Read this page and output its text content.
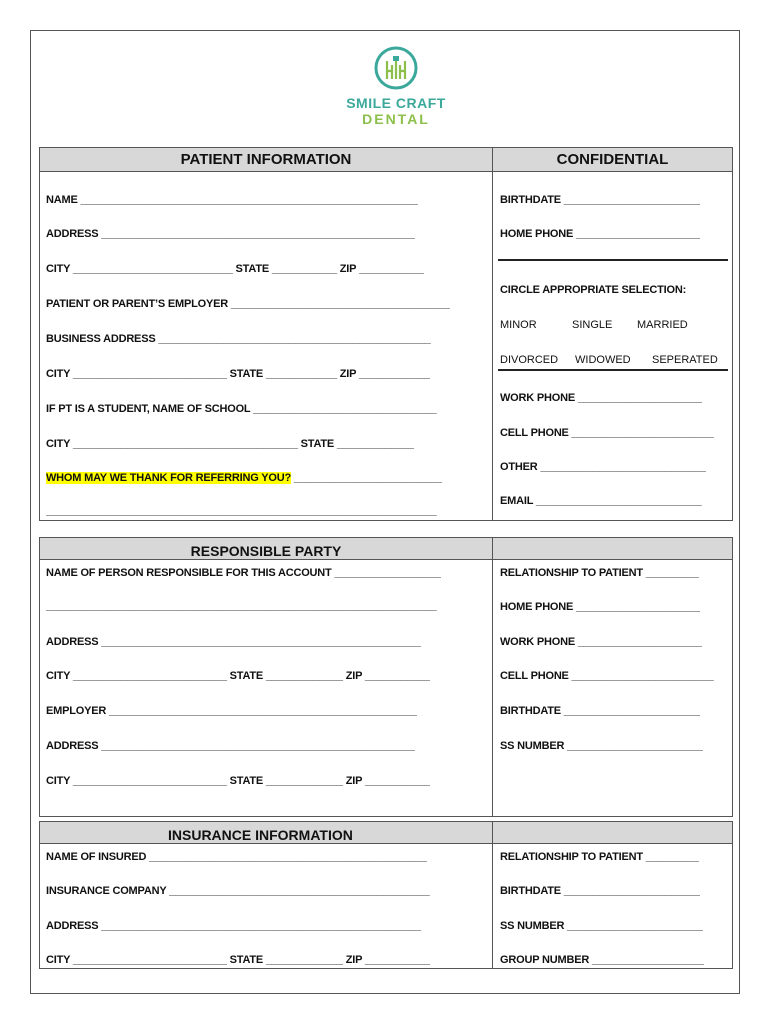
SMILE CRAFT
DENTAL
PATIENT INFORMATION	CONFIDENTIAL
NAME _________________________________________________________
ADDRESS _____________________________________________________
CITY ___________________________ STATE ___________ ZIP ___________
PATIENT OR PARENT’S EMPLOYER _____________________________________
BUSINESS ADDRESS ______________________________________________
CITY __________________________ STATE ____________ ZIP ____________
IF PT IS A STUDENT, NAME OF SCHOOL _______________________________
CITY ______________________________________ STATE _____________
WHOM MAY WE THANK FOR REFERRING YOU? _________________________
__________________________________________________________________
BIRTHDATE _______________________
HOME PHONE _____________________
CIRCLE APPROPRIATE SELECTION:
MINOR	SINGLE MARRIED
DIVORCED WIDOWED SEPERATED
WORK PHONE _____________________
CELL PHONE ________________________
OTHER ____________________________
EMAIL ____________________________
RESPONSIBLE PARTY
NAME OF PERSON RESPONSIBLE FOR THIS ACCOUNT __________________
__________________________________________________________________
ADDRESS ______________________________________________________
CITY __________________________ STATE _____________ ZIP ___________
EMPLOYER ____________________________________________________
ADDRESS _____________________________________________________
CITY __________________________ STATE _____________ ZIP ___________
RELATIONSHIP TO PATIENT _________
HOME PHONE _____________________
WORK PHONE _____________________
CELL PHONE ________________________
BIRTHDATE _______________________
SS NUMBER _______________________
INSURANCE INFORMATION
NAME OF INSURED _______________________________________________
INSURANCE COMPANY ____________________________________________
ADDRESS ______________________________________________________
CITY __________________________ STATE _____________ ZIP ___________
RELATIONSHIP TO PATIENT _________
BIRTHDATE _______________________
SS NUMBER _______________________
GROUP NUMBER ___________________
